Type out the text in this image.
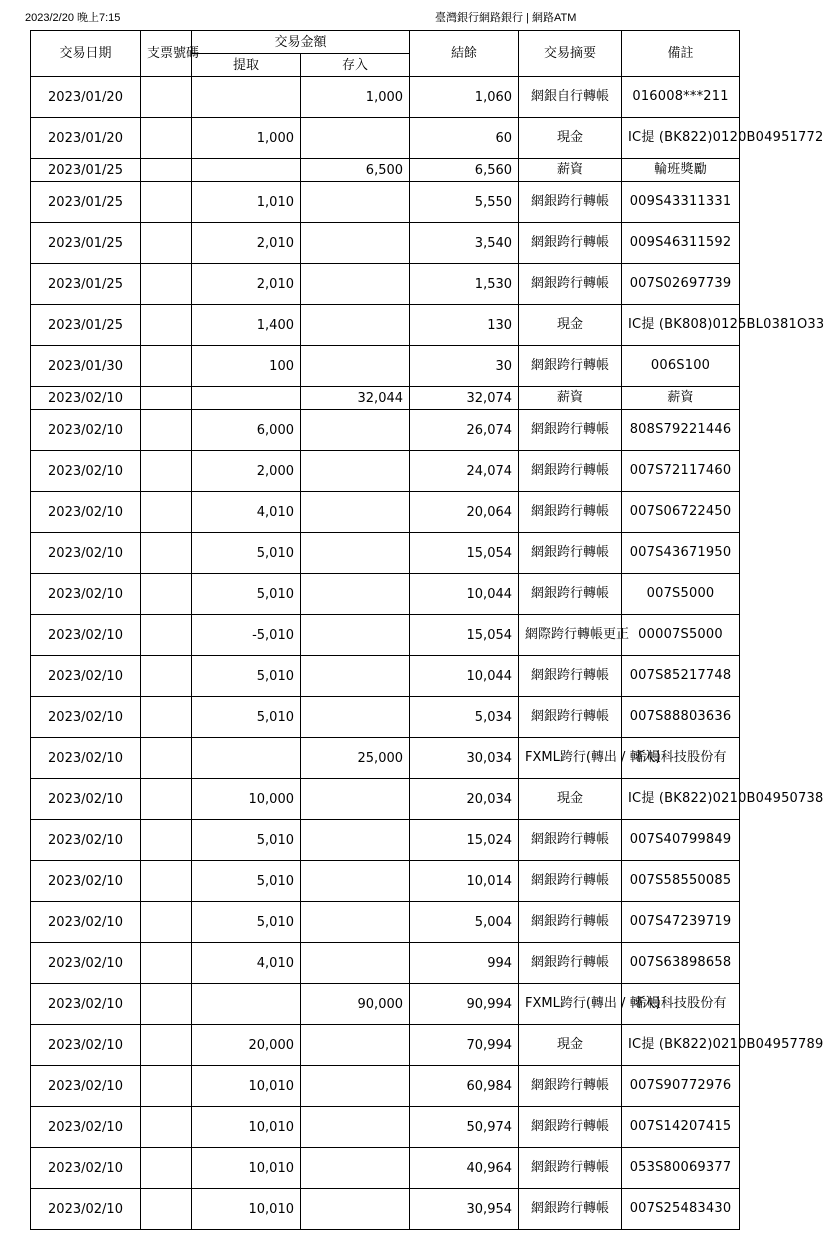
2023/2/20 晚上7:15	臺灣銀行網路銀行 | 網路ATM
交易日期	支票號碼	交易金額		結餘	交易摘要	備註
		提取	存入			
2023/01/20			1,000	1,060	網銀自行轉帳	016008***211
2023/01/20		1,000		60	現金	IC提 (BK822)0120B04951772
2023/01/25			6,500	6,560	薪資	輪班獎勵
2023/01/25		1,010		5,550	網銀跨行轉帳	009S43311331
2023/01/25		2,010		3,540	網銀跨行轉帳	009S46311592
2023/01/25		2,010		1,530	網銀跨行轉帳	007S02697739
2023/01/25		1,400		130	現金	IC提 (BK808)0125BL0381O33
2023/01/30		100		30	網銀跨行轉帳	006S100
2023/02/10			32,044	32,074	薪資	薪資
2023/02/10		6,000		26,074	網銀跨行轉帳	808S79221446
2023/02/10		2,000		24,074	網銀跨行轉帳	007S72117460
2023/02/10		4,010		20,064	網銀跨行轉帳	007S06722450
2023/02/10		5,010		15,054	網銀跨行轉帳	007S43671950
2023/02/10		5,010		10,044	網銀跨行轉帳	007S5000
2023/02/10		-5,010		15,054	網際跨行轉帳更正	00007S5000
2023/02/10		5,010		10,044	網銀跨行轉帳	007S85217748
2023/02/10		5,010		5,034	網銀跨行轉帳	007S88803636
2023/02/10			25,000	30,034	FXML跨行(轉出 / 轉入)	希幔科技股份有
2023/02/10		10,000		20,034	現金	IC提 (BK822)0210B04950738
2023/02/10		5,010		15,024	網銀跨行轉帳	007S40799849
2023/02/10		5,010		10,014	網銀跨行轉帳	007S58550085
2023/02/10		5,010		5,004	網銀跨行轉帳	007S47239719
2023/02/10		4,010		994	網銀跨行轉帳	007S63898658
2023/02/10			90,000	90,994	FXML跨行(轉出 / 轉入)	希幔科技股份有
2023/02/10		20,000		70,994	現金	IC提 (BK822)0210B04957789
2023/02/10		10,010		60,984	網銀跨行轉帳	007S90772976
2023/02/10		10,010		50,974	網銀跨行轉帳	007S14207415
2023/02/10		10,010		40,964	網銀跨行轉帳	053S80069377
2023/02/10		10,010		30,954	網銀跨行轉帳	007S25483430
